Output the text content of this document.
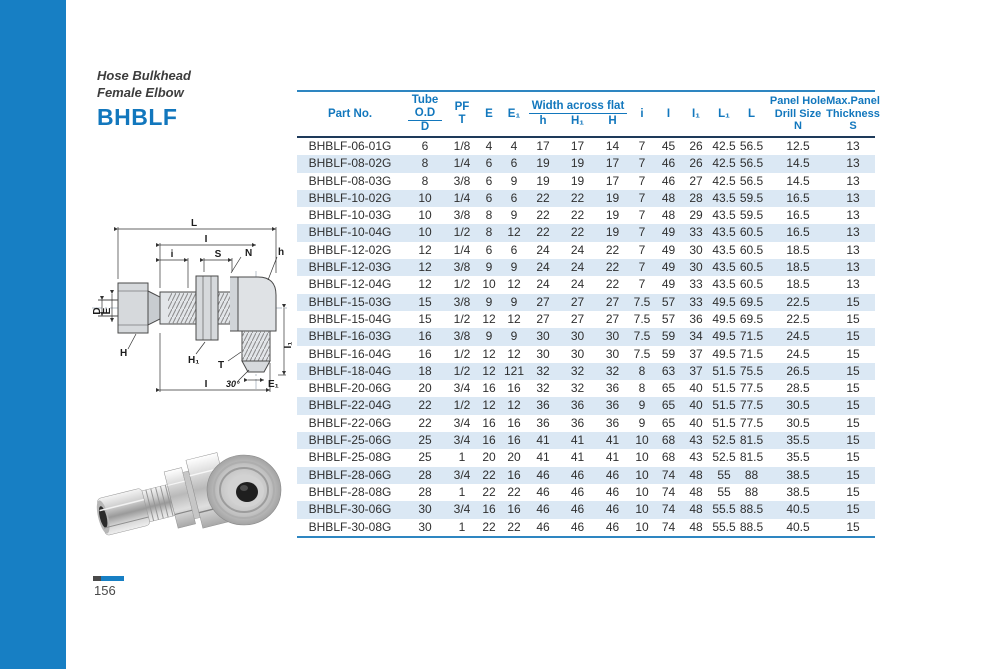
Hose Bulkhead
Female Elbow
BHBLF
L
I
i	S N	h
D E
H
H₁ T
30°	E₁
I
I₁
Part No.
Tube
O.D
D
PF
T
E E₁
Width across flat
h	H₁	H
i I I₁ L₁ L
Panel Hole
Drill Size
N
Max.Panel
Thickness
S
BHBLF-06-01G	6	1/8	4	4	17	17	14	7	45	26	42.5	56.5	12.5	13
BHBLF-08-02G	8	1/4	6	6	19	19	17	7	46	26	42.5	56.5	14.5	13
BHBLF-08-03G	8	3/8	6	9	19	19	17	7	46	27	42.5	56.5	14.5	13
BHBLF-10-02G	10	1/4	6	6	22	22	19	7	48	28	43.5	59.5	16.5	13
BHBLF-10-03G	10	3/8	8	9	22	22	19	7	48	29	43.5	59.5	16.5	13
BHBLF-10-04G	10	1/2	8	12	22	22	19	7	49	33	43.5	60.5	16.5	13
BHBLF-12-02G	12	1/4	6	6	24	24	22	7	49	30	43.5	60.5	18.5	13
BHBLF-12-03G	12	3/8	9	9	24	24	22	7	49	30	43.5	60.5	18.5	13
BHBLF-12-04G	12	1/2	10	12	24	24	22	7	49	33	43.5	60.5	18.5	13
BHBLF-15-03G	15	3/8	9	9	27	27	27	7.5	57	33	49.5	69.5	22.5	15
BHBLF-15-04G	15	1/2	12	12	27	27	27	7.5	57	36	49.5	69.5	22.5	15
BHBLF-16-03G	16	3/8	9	9	30	30	30	7.5	59	34	49.5	71.5	24.5	15
BHBLF-16-04G	16	1/2	12	12	30	30	30	7.5	59	37	49.5	71.5	24.5	15
BHBLF-18-04G	18	1/2	12	121	32	32	32	8	63	37	51.5	75.5	26.5	15
BHBLF-20-06G	20	3/4	16	16	32	32	36	8	65	40	51.5	77.5	28.5	15
BHBLF-22-04G	22	1/2	12	12	36	36	36	9	65	40	51.5	77.5	30.5	15
BHBLF-22-06G	22	3/4	16	16	36	36	36	9	65	40	51.5	77.5	30.5	15
BHBLF-25-06G	25	3/4	16	16	41	41	41	10	68	43	52.5	81.5	35.5	15
BHBLF-25-08G	25	1	20	20	41	41	41	10	68	43	52.5	81.5	35.5	15
BHBLF-28-06G	28	3/4	22	16	46	46	46	10	74	48	55	88	38.5	15
BHBLF-28-08G	28	1	22	22	46	46	46	10	74	48	55	88	38.5	15
BHBLF-30-06G	30	3/4	16	16	46	46	46	10	74	48	55.5	88.5	40.5	15
BHBLF-30-08G	30	1	22	22	46	46	46	10	74	48	55.5	88.5	40.5	15
156
